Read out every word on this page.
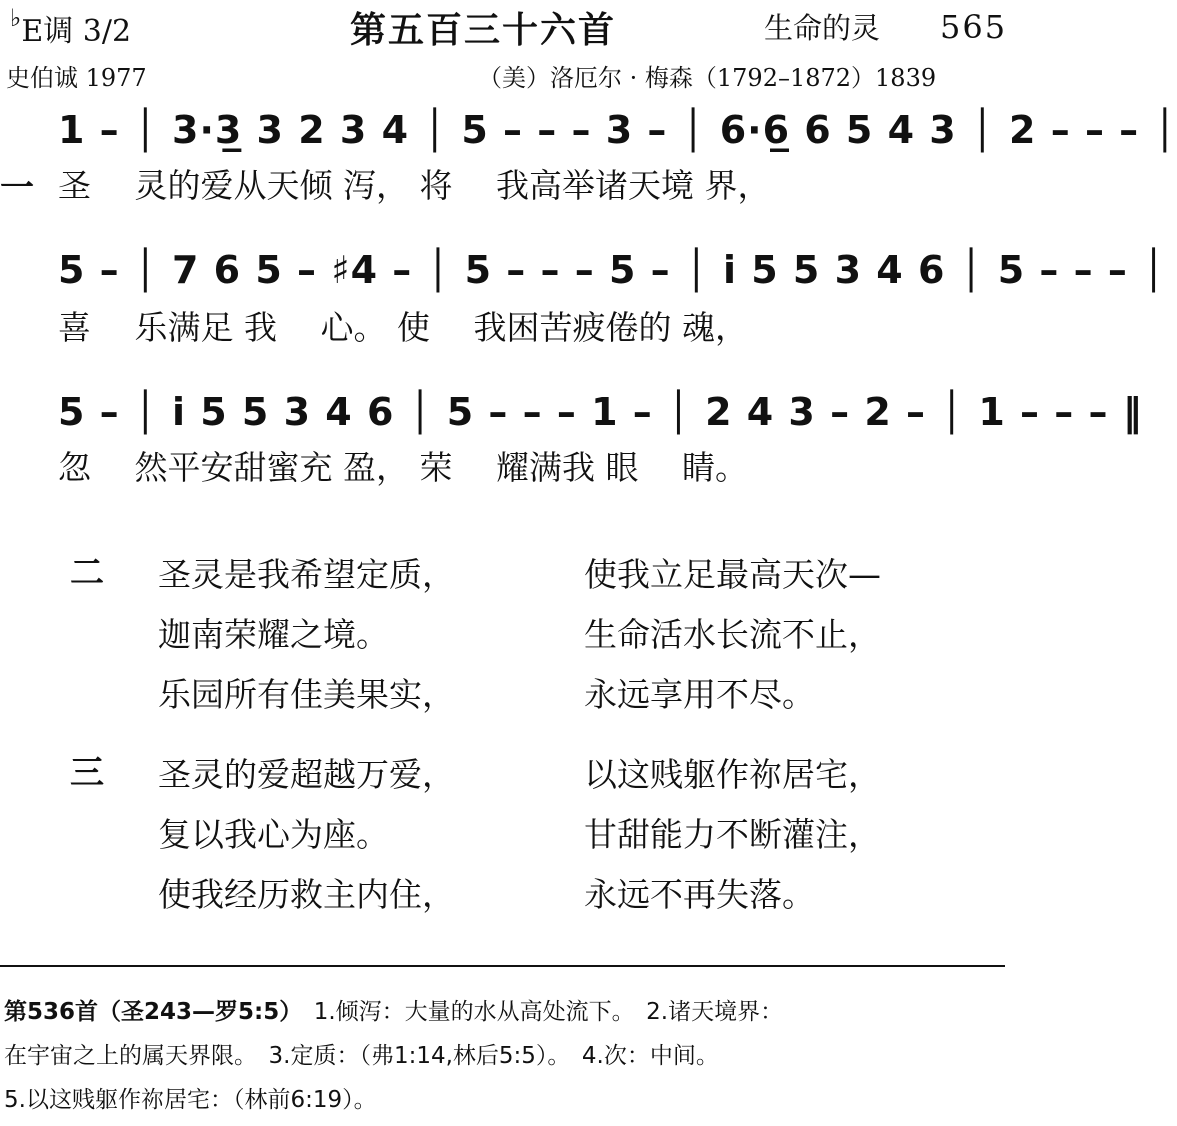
♭E调 3/2	第五百三十六首	生命的灵 565
史伯诚 1977	（美）洛厄尔 · 梅森（1792–1872）1839
一
1 – │ 3·3̲ 3 2 3 4 │ 5 – – – 3 – │ 6·6̲ 6 5 4 3 │ 2 – – – │
圣　 灵的爱从天倾 泻， 将　 我高举诸天境 界，
5 – │ 7 6 5 – ♯4 – │ 5 – – – 5 – │ i̇ 5 5 3 4 6 │ 5 – – – │
喜　 乐满足 我　 心。 使　 我困苦疲倦的 魂，
5 – │ i̇ 5 5 3 4 6 │ 5 – – – 1 – │ 2 4 3 – 2 – │ 1 – – – ‖
忽　 然平安甜蜜充 盈， 荣　 耀满我 眼　 睛。
二 圣灵是我希望定质，
迦南荣耀之境。
乐园所有佳美果实，
使我立足最高天次—
生命活水长流不止，
永远享用不尽。
三 圣灵的爱超越万爱，
复以我心为座。
使我经历救主内住，
以这贱躯作祢居宅，
甘甜能力不断灌注，
永远不再失落。
第536首（圣243—罗5:5）　1.倾泻：大量的水从高处流下。　2.诸天境界：
在宇宙之上的属天界限。　3.定质：（弗1:14,林后5:5）。　4.次：中间。
5.以这贱躯作祢居宅：（林前6:19）。
